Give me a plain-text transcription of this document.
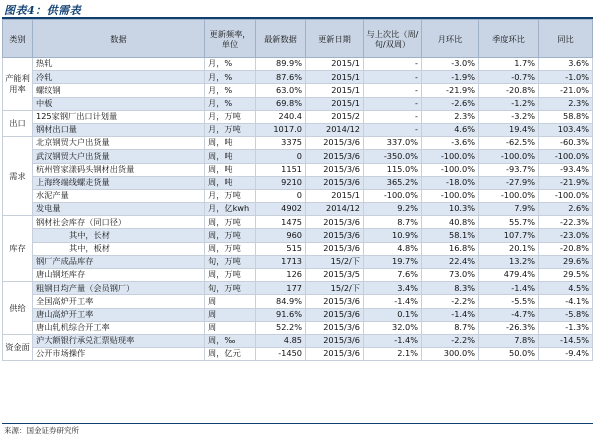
图表4：供需表
类别	数据	更新频率，单位	最新数据	更新日期	与上次比（周/旬/双周）	月环比	季度环比	同比
产能利用率	热轧	月，%	89.9%	2015/1	-	-3.0%	1.7%	3.6%
	冷轧	月，%	87.6%	2015/1	-	-1.9%	-0.7%	-1.0%
	螺纹钢	月，%	63.0%	2015/1	-	-21.9%	-20.8%	-21.0%
	中板	月，%	69.8%	2015/1	-	-2.6%	-1.2%	2.3%
出口	125家钢厂出口计划量	月，万吨	240.4	2015/2	-	2.3%	-3.2%	58.8%
	钢材出口量	月，万吨	1017.0	2014/12	-	4.6%	19.4%	103.4%
需求	北京钢贸大户出货量	周，吨	3375	2015/3/6	337.0%	-3.6%	-62.5%	-60.3%
	武汉钢贸大户出货量	周，吨	0	2015/3/6	-350.0%	-100.0%	-100.0%	-100.0%
	杭州管家漾码头钢材出货量	周，吨	1151	2015/3/6	115.0%	-100.0%	-93.7%	-93.4%
	上海终端线螺走货量	周，吨	9210	2015/3/6	365.2%	-18.0%	-27.9%	-21.9%
	水泥产量	月，万吨	0	2015/1	-100.0%	-100.0%	-100.0%	-100.0%
	发电量	月，亿kwh	4902	2014/12	9.2%	10.3%	7.9%	2.6%
库存	钢材社会库存（同口径）	周，万吨	1475	2015/3/6	8.7%	40.8%	55.7%	-22.3%
	其中，长材	周，万吨	960	2015/3/6	10.9%	58.1%	107.7%	-23.0%
	其中，板材	周，万吨	515	2015/3/6	4.8%	16.8%	20.1%	-20.8%
	钢厂产成品库存	旬，万吨	1713	15/2/下	19.7%	22.4%	13.2%	29.6%
	唐山钢坯库存	周，万吨	126	2015/3/5	7.6%	73.0%	479.4%	29.5%
供给	粗钢日均产量（会员钢厂）	旬，万吨	177	15/2/下	3.4%	8.3%	-1.4%	4.5%
	全国高炉开工率	周	84.9%	2015/3/6	-1.4%	-2.2%	-5.5%	-4.1%
	唐山高炉开工率	周	91.6%	2015/3/6	0.1%	-1.4%	-4.7%	-5.8%
	唐山轧机综合开工率	周	52.2%	2015/3/6	32.0%	8.7%	-26.3%	-1.3%
资金面	沪大额银行承兑汇票贴现率	周，‰	4.85	2015/3/6	-1.4%	-2.2%	7.8%	-14.5%
	公开市场操作	周，亿元	-1450	2015/3/6	2.1%	300.0%	50.0%	-9.4%
来源：国金证券研究所
